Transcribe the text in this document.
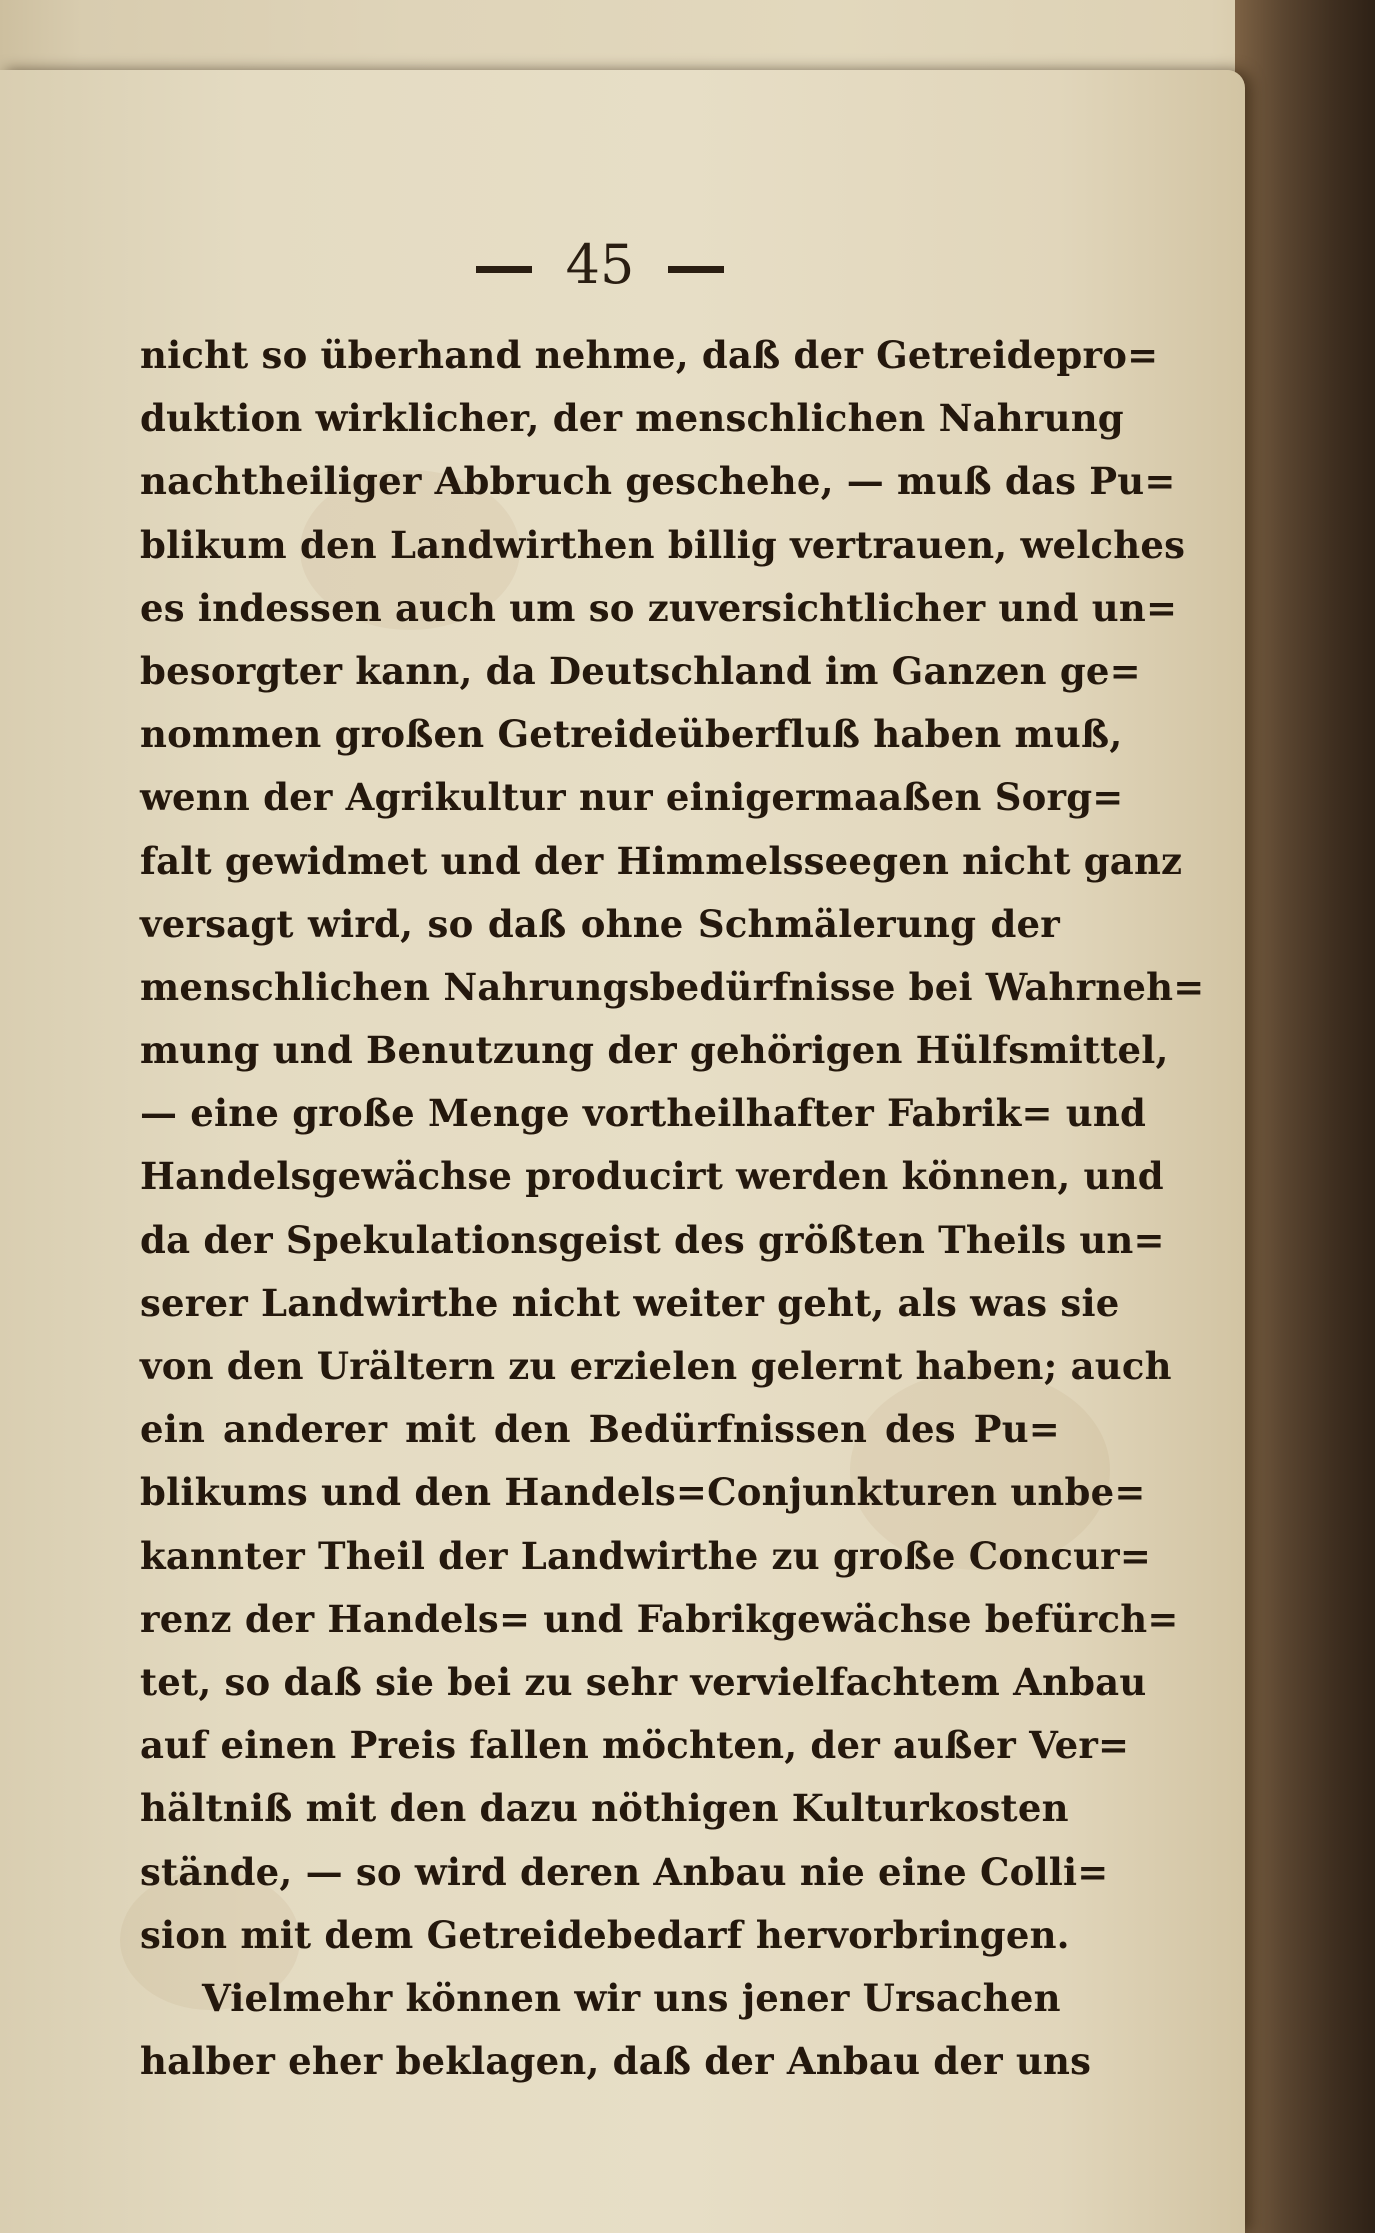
45
nicht so überhand nehme, daß der Getreidepro=
duktion wirklicher, der menschlichen Nahrung
nachtheiliger Abbruch geschehe, — muß das Pu=
blikum den Landwirthen billig vertrauen, welches
es indessen auch um so zuversichtlicher und un=
besorgter kann, da Deutschland im Ganzen ge=
nommen großen Getreideüberfluß haben muß,
wenn der Agrikultur nur einigermaaßen Sorg=
falt gewidmet und der Himmelsseegen nicht ganz
versagt wird, so daß ohne Schmälerung der
menschlichen Nahrungsbedürfnisse bei Wahrneh=
mung und Benutzung der gehörigen Hülfsmittel,
— eine große Menge vortheilhafter Fabrik= und
Handelsgewächse producirt werden können, und
da der Spekulationsgeist des größten Theils un=
serer Landwirthe nicht weiter geht, als was sie
von den Urältern zu erzielen gelernt haben; auch
ein anderer mit den Bedürfnissen des Pu=
blikums und den Handels=Conjunkturen unbe=
kannter Theil der Landwirthe zu große Concur=
renz der Handels= und Fabrikgewächse befürch=
tet, so daß sie bei zu sehr vervielfachtem Anbau
auf einen Preis fallen möchten, der außer Ver=
hältniß mit den dazu nöthigen Kulturkosten
stände, — so wird deren Anbau nie eine Colli=
sion mit dem Getreidebedarf hervorbringen.
Vielmehr können wir uns jener Ursachen
halber eher beklagen, daß der Anbau der uns
